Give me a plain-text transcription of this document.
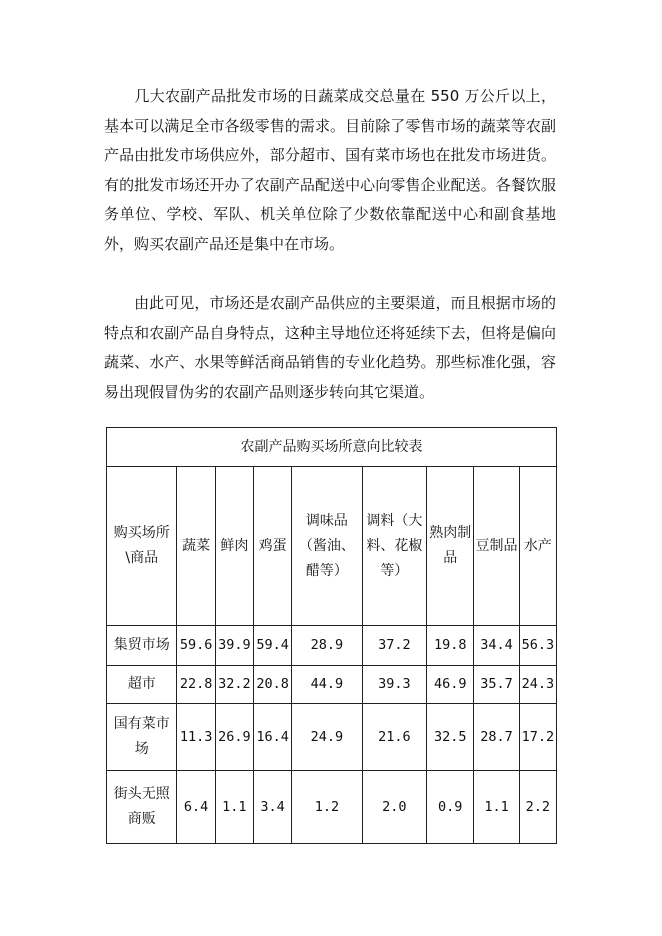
几大农副产品批发市场的日蔬菜成交总量在 550 万公斤以上，基本可以满足全市各级零售的需求。目前除了零售市场的蔬菜等农副产品由批发市场供应外，部分超市、国有菜市场也在批发市场进货。有的批发市场还开办了农副产品配送中心向零售企业配送。各餐饮服务单位、学校、军队、机关单位除了少数依靠配送中心和副食基地外，购买农副产品还是集中在市场。

由此可见，市场还是农副产品供应的主要渠道，而且根据市场的特点和农副产品自身特点，这种主导地位还将延续下去，但将是偏向蔬菜、水产、水果等鲜活商品销售的专业化趋势。那些标准化强，容易出现假冒伪劣的农副产品则逐步转向其它渠道。

农副产品购买场所意向比较表								
购买场所\商品	蔬菜	鲜肉	鸡蛋	调味品（酱油、醋等）	调料（大料、花椒等）	熟肉制品	豆制品	水产
集贸市场	59.6	39.9	59.4	28.9	37.2	19.8	34.4	56.3
超市	22.8	32.2	20.8	44.9	39.3	46.9	35.7	24.3
国有菜市场	11.3	26.9	16.4	24.9	21.6	32.5	28.7	17.2
街头无照商贩	6.4	1.1	3.4	1.2	2.0	0.9	1.1	2.2
